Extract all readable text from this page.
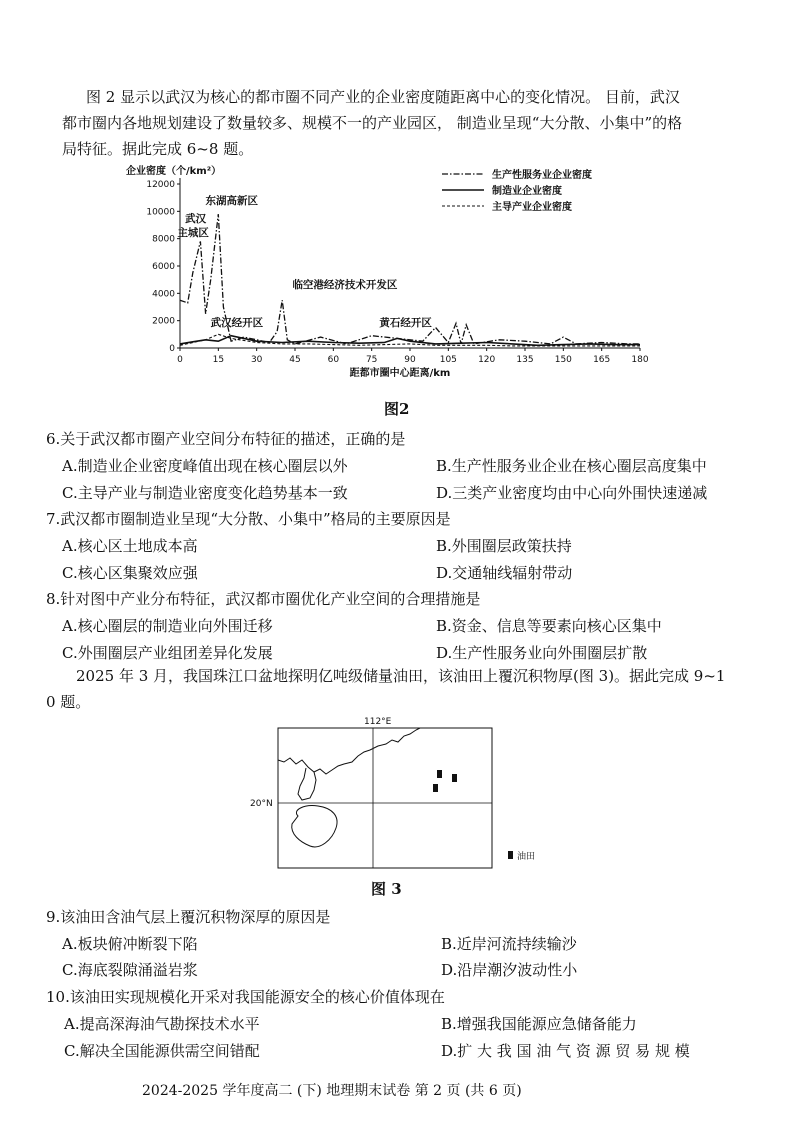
图 2 显示以武汉为核心的都市圈不同产业的企业密度随距离中心的变化情况。 目前，武汉
都市圈内各地规划建设了数量较多、规模不一的产业园区， 制造业呈现“大分散、小集中”的格
局特征。据此完成 6~8 题。
企业密度（个/km²）
0
2000
4000
6000
8000
10000
12000
0	15	30	45	60	75	90	105 120 135 150 165 180
距都市圈中心距离/km
生产性服务业企业密度
制造业企业密度
主导产业企业密度
东湖高新区
武汉
主城区
临空港经济技术开发区
武汉经开区	黄石经开区
图2
6.关于武汉都市圈产业空间分布特征的描述，正确的是
A.制造业企业密度峰值出现在核心圈层以外	B.生产性服务业企业在核心圈层高度集中
C.主导产业与制造业密度变化趋势基本一致	D.三类产业密度均由中心向外围快速递减
7.武汉都市圈制造业呈现“大分散、小集中”格局的主要原因是
A.核心区土地成本高	B.外围圈层政策扶持
C.核心区集聚效应强	D.交通轴线辐射带动
8.针对图中产业分布特征，武汉都市圈优化产业空间的合理措施是
A.核心圈层的制造业向外围迁移	B.资金、信息等要素向核心区集中
C.外围圈层产业组团差异化发展	D.生产性服务业向外围圈层扩散
2025 年 3 月，我国珠江口盆地探明亿吨级储量油田，该油田上覆沉积物厚(图 3)。据此完成 9~1
0 题。
112°E
20°N
油田
图 3
9.该油田含油气层上覆沉积物深厚的原因是
A.板块俯冲断裂下陷	B.近岸河流持续输沙
C.海底裂隙涌溢岩浆	D.沿岸潮汐波动性小
10.该油田实现规模化开采对我国能源安全的核心价值体现在
A.提高深海油气勘探技术水平	B.增强我国能源应急储备能力
C.解决全国能源供需空间错配	D.扩 大 我 国 油 气 资 源 贸 易 规 模
2024-2025 学年度高二 (下) 地理期末试卷 第 2 页 (共 6 页)
